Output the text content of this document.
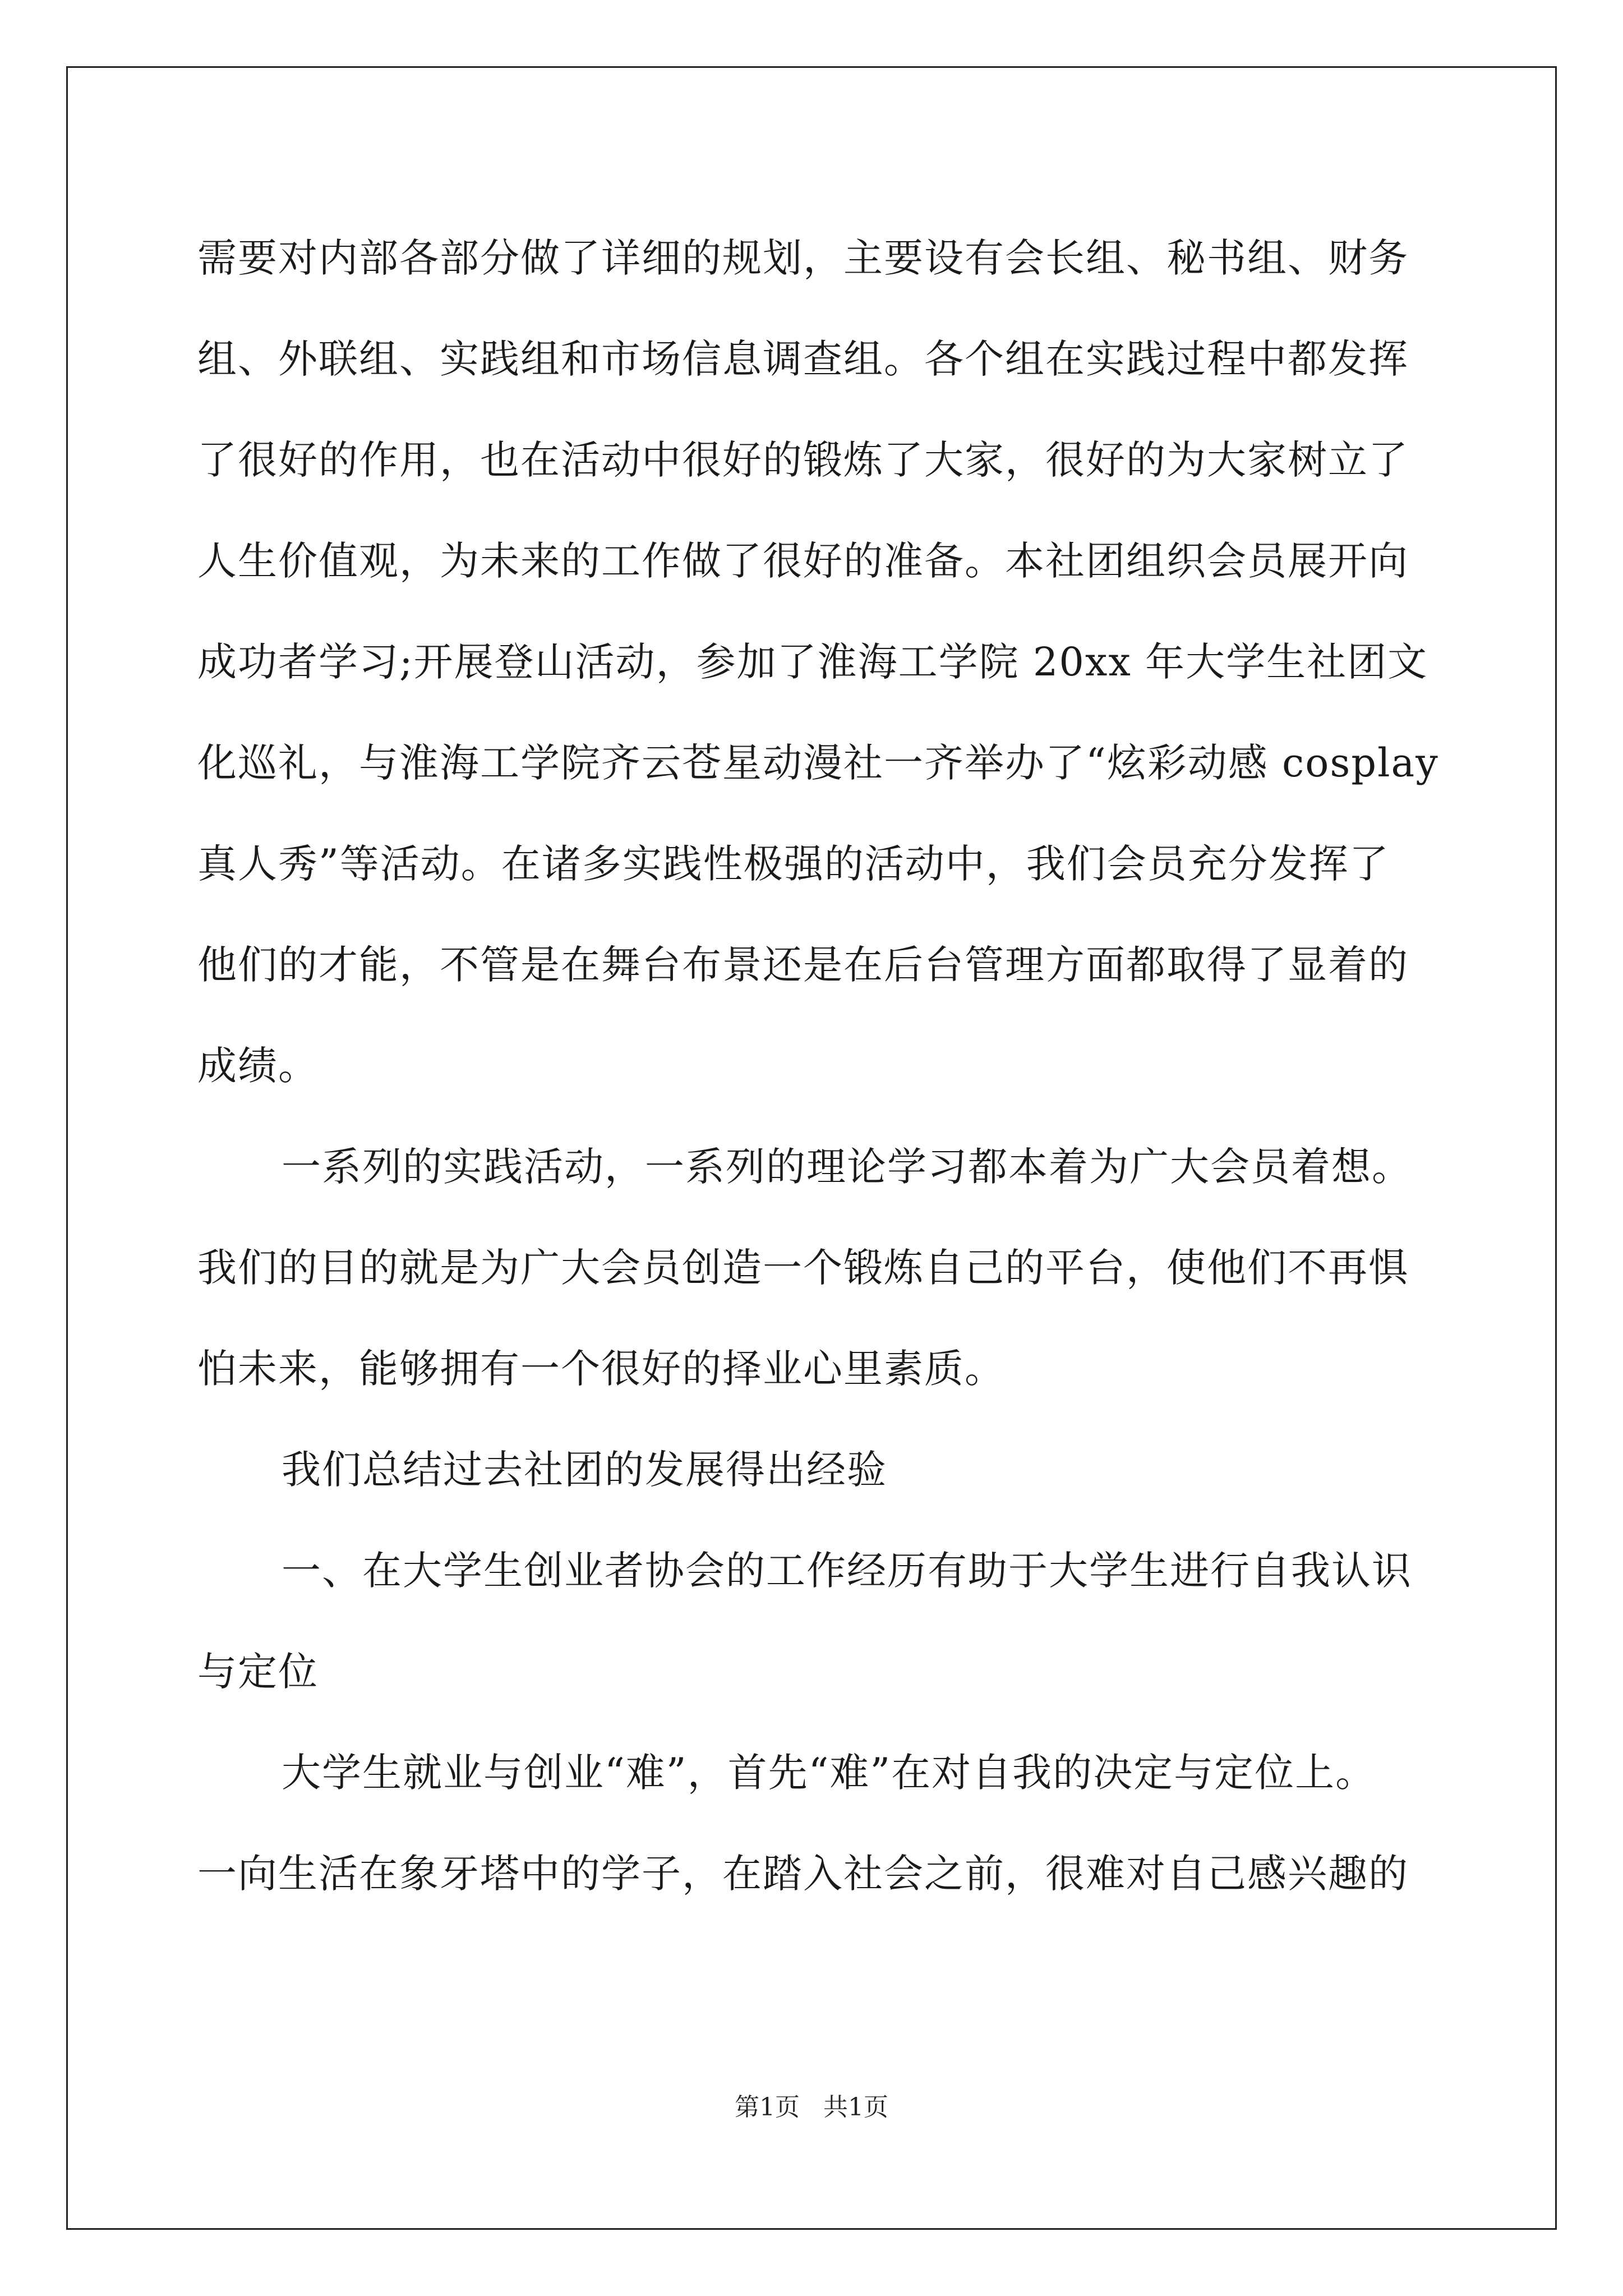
需要对内部各部分做了详细的规划，主要设有会长组、秘书组、财务
组、外联组、实践组和市场信息调查组。各个组在实践过程中都发挥
了很好的作用，也在活动中很好的锻炼了大家，很好的为大家树立了
人生价值观，为未来的工作做了很好的准备。本社团组织会员展开向
成功者学习;开展登山活动，参加了淮海工学院 20xx 年大学生社团文
化巡礼，与淮海工学院齐云苍星动漫社一齐举办了“炫彩动感 cosplay
真人秀”等活动。在诸多实践性极强的活动中，我们会员充分发挥了
他们的才能，不管是在舞台布景还是在后台管理方面都取得了显着的
成绩。
一系列的实践活动，一系列的理论学习都本着为广大会员着想。
我们的目的就是为广大会员创造一个锻炼自己的平台，使他们不再惧
怕未来，能够拥有一个很好的择业心里素质。
我们总结过去社团的发展得出经验
一、在大学生创业者协会的工作经历有助于大学生进行自我认识
与定位
大学生就业与创业“难”，首先“难”在对自我的决定与定位上。
一向生活在象牙塔中的学子，在踏入社会之前，很难对自己感兴趣的
第1页 共1页
